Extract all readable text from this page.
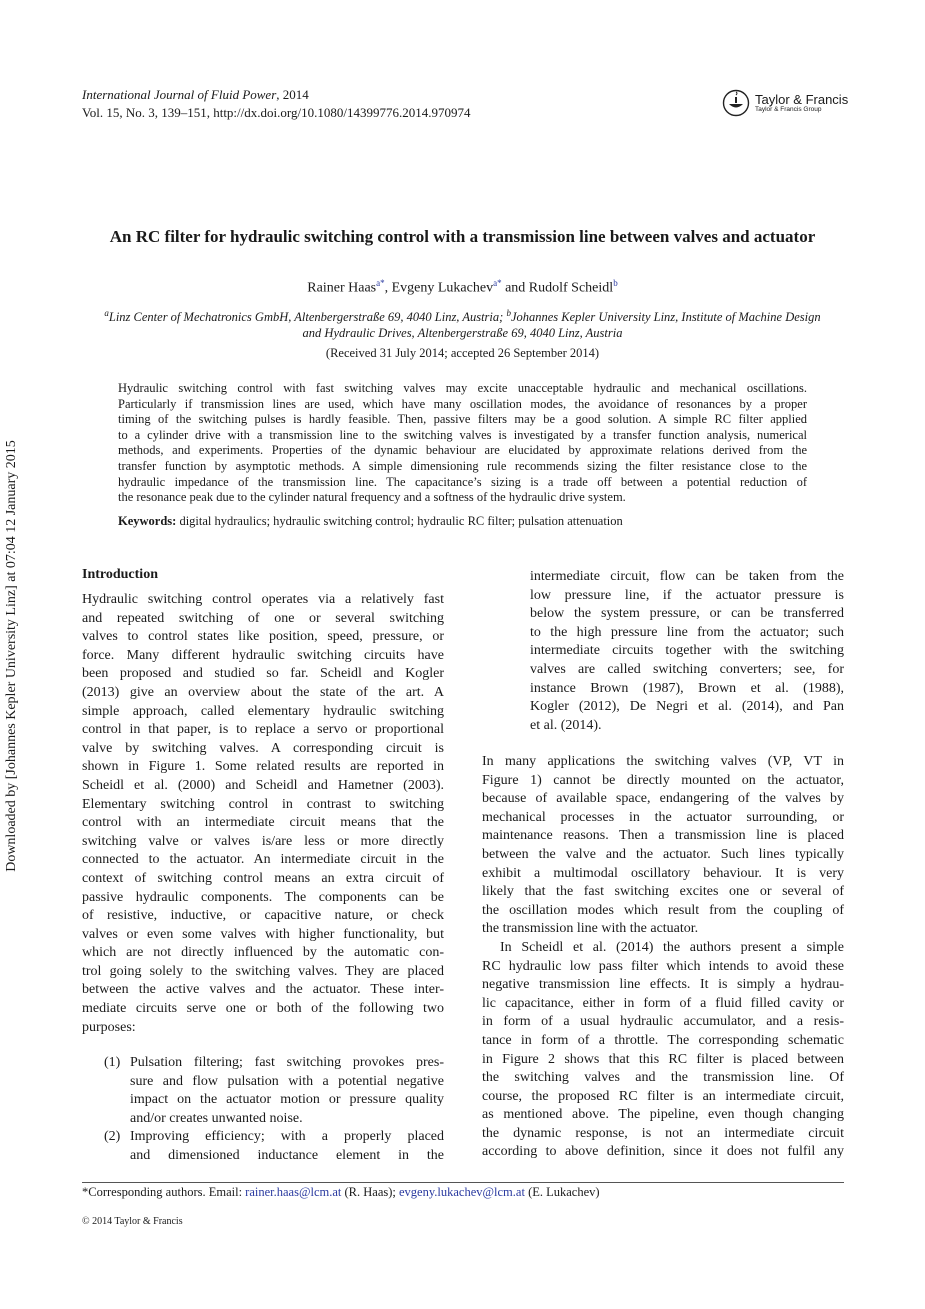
Downloaded by [Johannes Kepler University Linz] at 07:04 12 January 2015
International Journal of Fluid Power, 2014
Vol. 15, No. 3, 139–151, http://dx.doi.org/10.1080/14399776.2014.970974
Taylor & Francis
Taylor & Francis Group
An RC filter for hydraulic switching control with a transmission line between valves and actuator
Rainer Haas$^{a*}$, Evgeny Lukachev$^{a*}$ and Rudolf Scheidl$^b$
$^a$Linz Center of Mechatronics GmbH, Altenbergerstraße 69, 4040 Linz, Austria; $^b$Johannes Kepler University Linz, Institute of Machine Design and Hydraulic Drives, Altenbergerstraße 69, 4040 Linz, Austria
(Received 31 July 2014; accepted 26 September 2014)
Hydraulic switching control with fast switching valves may excite unacceptable hydraulic and mechanical oscillations.
Particularly if transmission lines are used, which have many oscillation modes, the avoidance of resonances by a proper
timing of the switching pulses is hardly feasible. Then, passive filters may be a good solution. A simple RC filter applied
to a cylinder drive with a transmission line to the switching valves is investigated by a transfer function analysis, numerical
methods, and experiments. Properties of the dynamic behaviour are elucidated by approximate relations derived from the
transfer function by asymptotic methods. A simple dimensioning rule recommends sizing the filter resistance close to the
hydraulic impedance of the transmission line. The capacitance’s sizing is a trade off between a potential reduction of
the resonance peak due to the cylinder natural frequency and a softness of the hydraulic drive system.
Keywords: digital hydraulics; hydraulic switching control; hydraulic RC filter; pulsation attenuation
Introduction
Hydraulic switching control operates via a relatively fast
and repeated switching of one or several switching
valves to control states like position, speed, pressure, or
force. Many different hydraulic switching circuits have
been proposed and studied so far. Scheidl and Kogler
(2013) give an overview about the state of the art. A
simple approach, called elementary hydraulic switching
control in that paper, is to replace a servo or proportional
valve by switching valves. A corresponding circuit is
shown in Figure 1. Some related results are reported in
Scheidl et al. (2000) and Scheidl and Hametner (2003).
Elementary switching control in contrast to switching
control with an intermediate circuit means that the
switching valve or valves is/are less or more directly
connected to the actuator. An intermediate circuit in the
context of switching control means an extra circuit of
passive hydraulic components. The components can be
of resistive, inductive, or capacitive nature, or check
valves or even some valves with higher functionality, but
which are not directly influenced by the automatic con-
trol going solely to the switching valves. They are placed
between the active valves and the actuator. These inter-
mediate circuits serve one or both of the following two
purposes:
(1) Pulsation filtering; fast switching provokes pres-
sure and flow pulsation with a potential negative
impact on the actuator motion or pressure quality
and/or creates unwanted noise.
(2) Improving efficiency; with a properly placed
and dimensioned inductance element in the
intermediate circuit, flow can be taken from the
low pressure line, if the actuator pressure is
below the system pressure, or can be transferred
to the high pressure line from the actuator; such
intermediate circuits together with the switching
valves are called switching converters; see, for
instance Brown (1987), Brown et al. (1988),
Kogler (2012), De Negri et al. (2014), and Pan
et al. (2014).
In many applications the switching valves (VP, VT in
Figure 1) cannot be directly mounted on the actuator,
because of available space, endangering of the valves by
mechanical processes in the actuator surrounding, or
maintenance reasons. Then a transmission line is placed
between the valve and the actuator. Such lines typically
exhibit a multimodal oscillatory behaviour. It is very
likely that the fast switching excites one or several of
the oscillation modes which result from the coupling of
the transmission line with the actuator.
In Scheidl et al. (2014) the authors present a simple
RC hydraulic low pass filter which intends to avoid these
negative transmission line effects. It is simply a hydrau-
lic capacitance, either in form of a fluid filled cavity or
in form of a usual hydraulic accumulator, and a resis-
tance in form of a throttle. The corresponding schematic
in Figure 2 shows that this RC filter is placed between
the switching valves and the transmission line. Of
course, the proposed RC filter is an intermediate circuit,
as mentioned above. The pipeline, even though changing
the dynamic response, is not an intermediate circuit
according to above definition, since it does not fulfil any
*Corresponding authors. Email: rainer.haas@lcm.at (R. Haas); evgeny.lukachev@lcm.at (E. Lukachev)
© 2014 Taylor & Francis
